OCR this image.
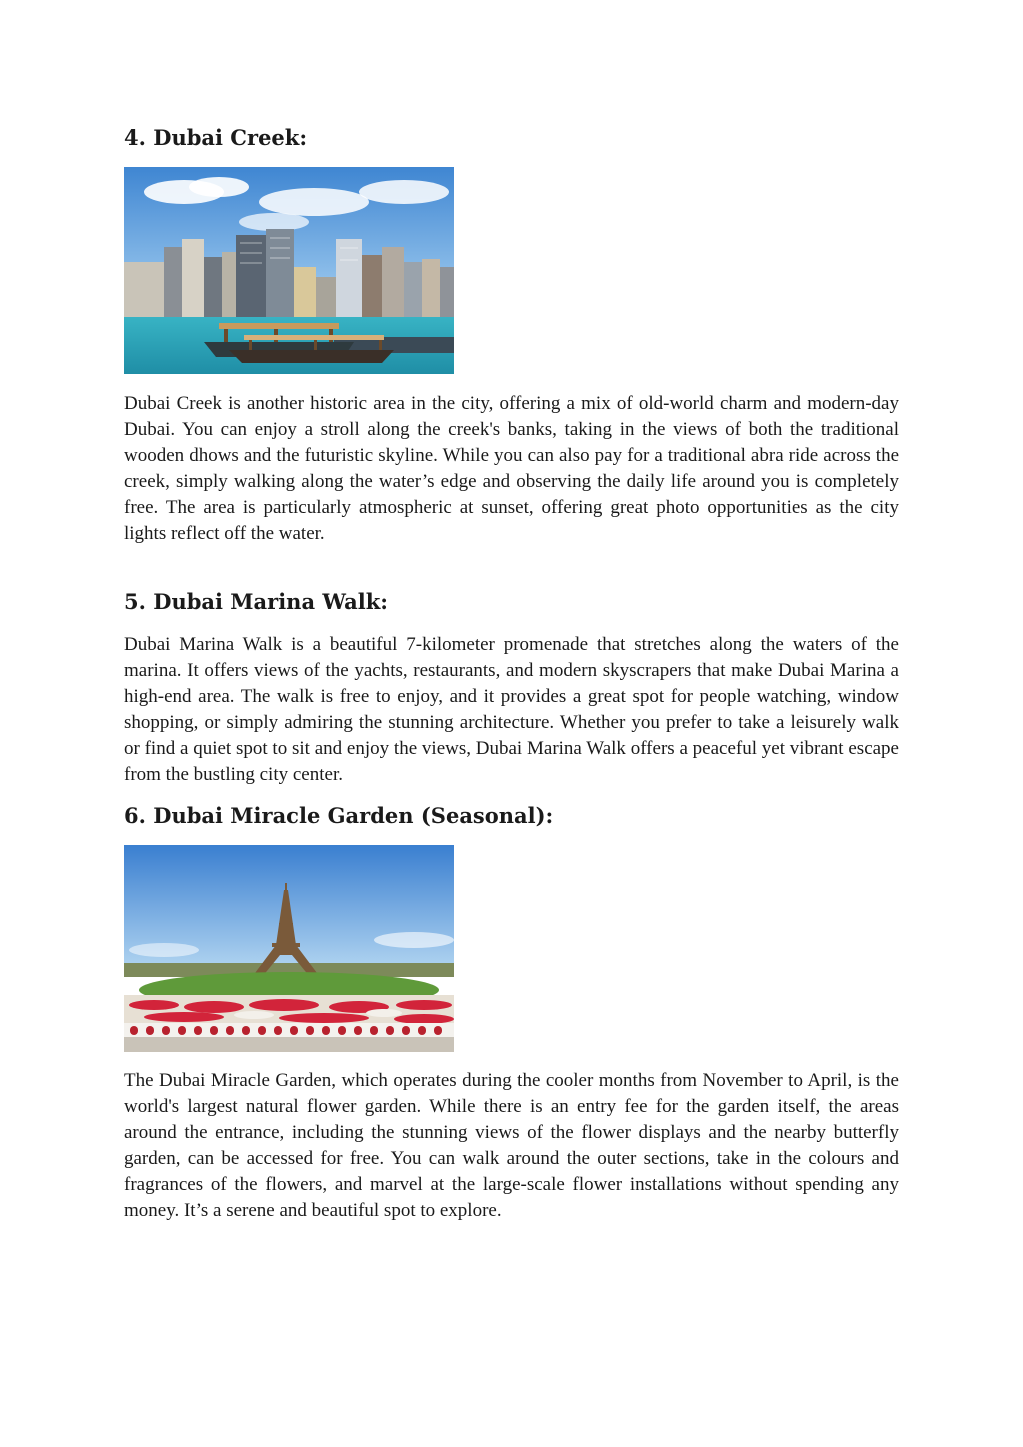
4. Dubai Creek:

Dubai Creek is another historic area in the city, offering a mix of old-world charm and modern-day Dubai. You can enjoy a stroll along the creek's banks, taking in the views of both the traditional wooden dhows and the futuristic skyline. While you can also pay for a traditional abra ride across the creek, simply walking along the water’s edge and observing the daily life around you is completely free. The area is particularly atmospheric at sunset, offering great photo opportunities as the city lights reflect off the water.

5. Dubai Marina Walk:

Dubai Marina Walk is a beautiful 7-kilometer promenade that stretches along the waters of the marina. It offers views of the yachts, restaurants, and modern skyscrapers that make Dubai Marina a high-end area. The walk is free to enjoy, and it provides a great spot for people watching, window shopping, or simply admiring the stunning architecture. Whether you prefer to take a leisurely walk or find a quiet spot to sit and enjoy the views, Dubai Marina Walk offers a peaceful yet vibrant escape from the bustling city center.

6. Dubai Miracle Garden (Seasonal):

The Dubai Miracle Garden, which operates during the cooler months from November to April, is the world's largest natural flower garden. While there is an entry fee for the garden itself, the areas around the entrance, including the stunning views of the flower displays and the nearby butterfly garden, can be accessed for free. You can walk around the outer sections, take in the colours and fragrances of the flowers, and marvel at the large-scale flower installations without spending any money. It’s a serene and beautiful spot to explore.
